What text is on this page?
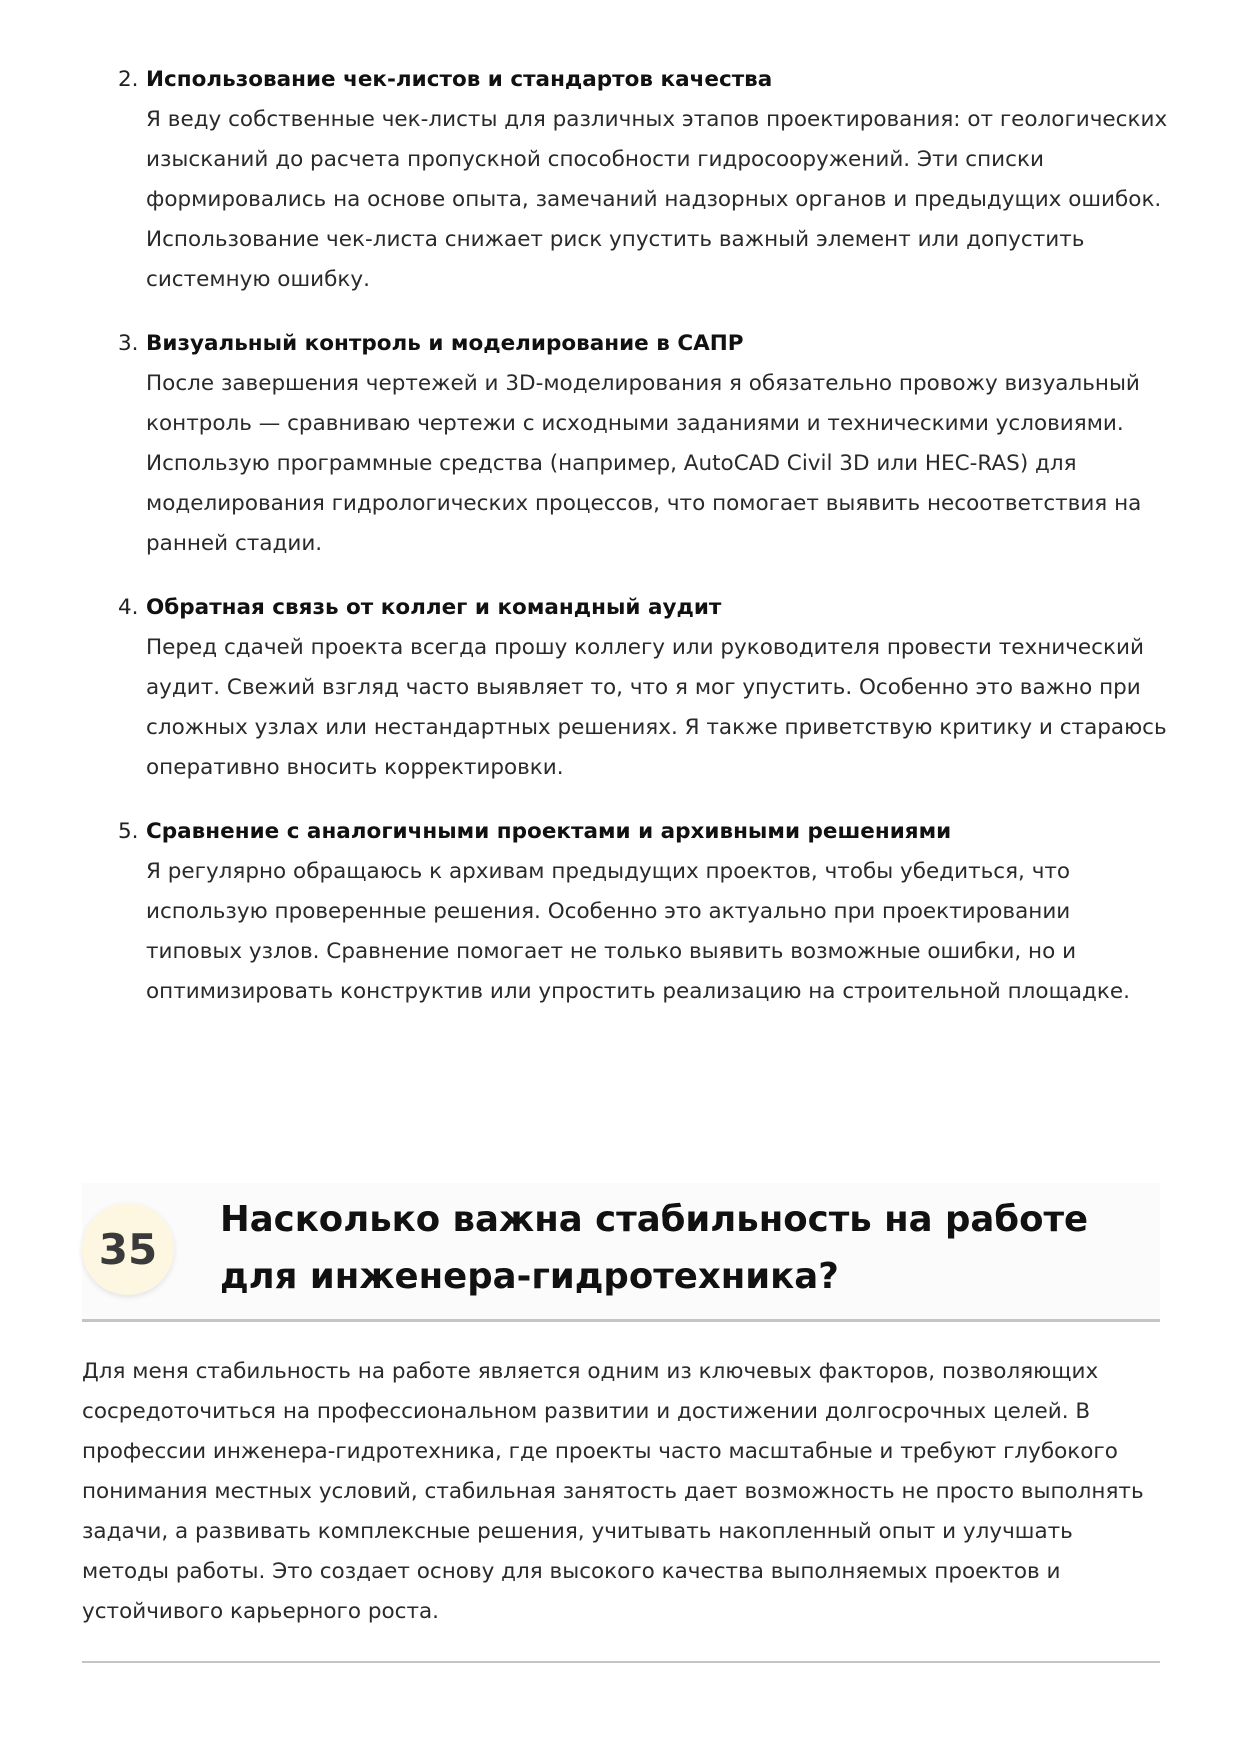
2. Использование чек-листов и стандартов качества
Я веду собственные чек-листы для различных этапов проектирования: от геологических изысканий до расчета пропускной способности гидросооружений. Эти списки формировались на основе опыта, замечаний надзорных органов и предыдущих ошибок. Использование чек-листа снижает риск упустить важный элемент или допустить системную ошибку.
3. Визуальный контроль и моделирование в САПР
После завершения чертежей и 3D-моделирования я обязательно провожу визуальный контроль — сравниваю чертежи с исходными заданиями и техническими условиями. Использую программные средства (например, AutoCAD Civil 3D или HEC-RAS) для моделирования гидрологических процессов, что помогает выявить несоответствия на ранней стадии.
4. Обратная связь от коллег и командный аудит
Перед сдачей проекта всегда прошу коллегу или руководителя провести технический аудит. Свежий взгляд часто выявляет то, что я мог упустить. Особенно это важно при сложных узлах или нестандартных решениях. Я также приветствую критику и стараюсь оперативно вносить корректировки.
5. Сравнение с аналогичными проектами и архивными решениями
Я регулярно обращаюсь к архивам предыдущих проектов, чтобы убедиться, что использую проверенные решения. Особенно это актуально при проектировании типовых узлов. Сравнение помогает не только выявить возможные ошибки, но и оптимизировать конструктив или упростить реализацию на строительной площадке.
35
Насколько важна стабильность на работе для инженера-гидротехника?

Для меня стабильность на работе является одним из ключевых факторов, позволяющих сосредоточиться на профессиональном развитии и достижении долгосрочных целей. В профессии инженера-гидротехника, где проекты часто масштабные и требуют глубокого понимания местных условий, стабильная занятость дает возможность не просто выполнять задачи, а развивать комплексные решения, учитывать накопленный опыт и улучшать методы работы. Это создает основу для высокого качества выполняемых проектов и устойчивого карьерного роста.
